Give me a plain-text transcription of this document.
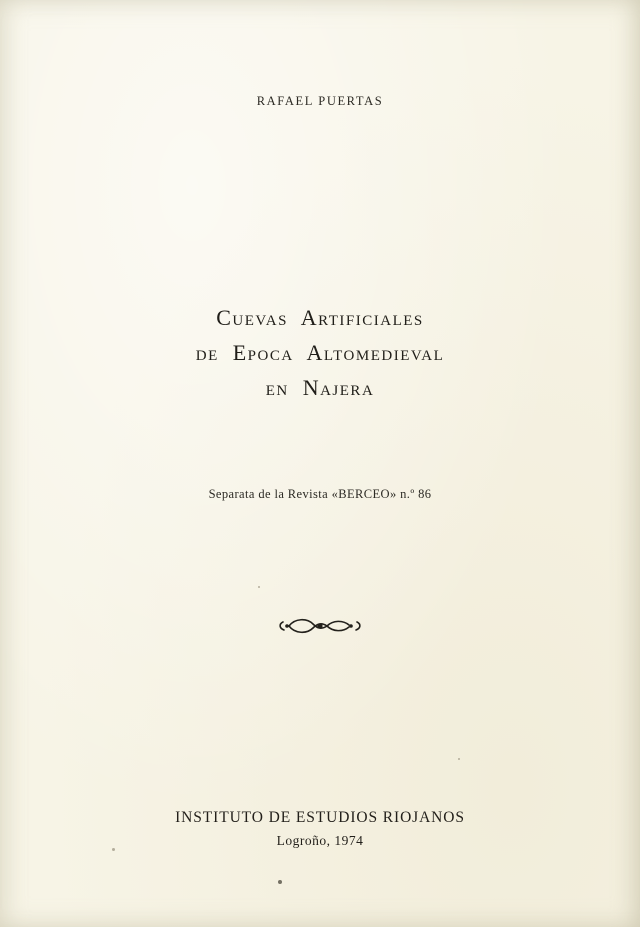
RAFAEL PUERTAS
Cuevas  Artificiales
de  Epoca  Altomedieval
en  Najera
Separata de la Revista «BERCEO» n.º 86
INSTITUTO DE ESTUDIOS RIOJANOS
Logroño, 1974
